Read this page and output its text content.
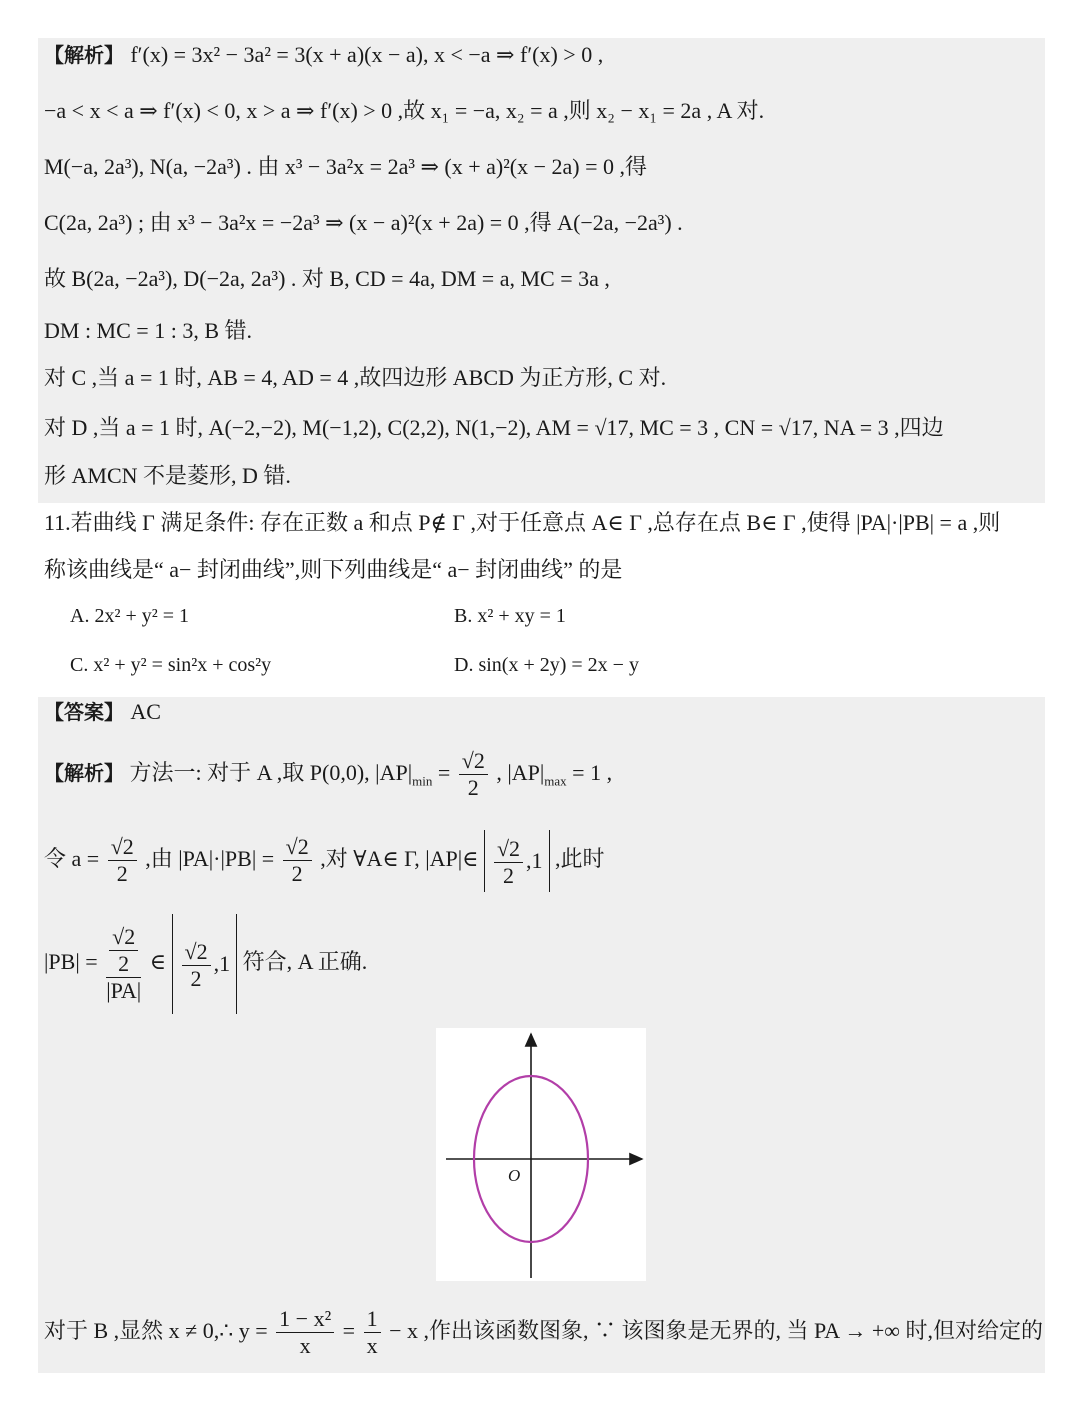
【解析】 f′(x) = 3x² − 3a² = 3(x + a)(x − a), x < −a ⇒ f′(x) > 0 ,
−a < x < a ⇒ f′(x) < 0, x > a ⇒ f′(x) > 0 ,故 x₁ = −a, x₂ = a ,则 x₂ − x₁ = 2a , A 对.
M(−a, 2a³), N(a, −2a³) . 由 x³ − 3a²x = 2a³ ⇒ (x + a)²(x − 2a) = 0 ,得
C(2a, 2a³) ; 由 x³ − 3a²x = −2a³ ⇒ (x − a)²(x + 2a) = 0 ,得 A(−2a, −2a³) .
故 B(2a, −2a³), D(−2a, 2a³) . 对 B, CD = 4a, DM = a, MC = 3a ,
DM : MC = 1 : 3, B 错.
对 C ,当 a = 1 时, AB = 4, AD = 4 ,故四边形 ABCD 为正方形, C 对.
对 D ,当 a = 1 时, A(−2,−2), M(−1,2), C(2,2), N(1,−2), AM = √17, MC = 3 , CN = √17, NA = 3 ,四边
形 AMCN 不是菱形, D 错.
11.若曲线 Γ 满足条件: 存在正数 a 和点 P∉ Γ ,对于任意点 A∈ Γ ,总存在点 B∈ Γ ,使得 |PA|·|PB| = a ,则
称该曲线是“ a− 封闭曲线”,则下列曲线是“ a− 封闭曲线” 的是
A. 2x² + y² = 1	B. x² + xy = 1
C. x² + y² = sin²x + cos²y	D. sin(x + 2y) = 2x − y
【答案】 AC
【解析】 方法一: 对于 A ,取 P(0,0), $|AP|_{min} = \frac{√2}{2}$ , $|AP|_{max} = 1$ ,
令 $a = \frac{√2}{2}$ ,由 $|PA|\cdot|PB| = \frac{√2}{2}$ ,对 ∀A∈ Γ, |AP|∈ $\frac{√2}{2} ,1$ ,此时
$|PB| = \frac{\frac{√2}{2}}{|PA|}$ ∈ $\frac{√2}{2} ,1$ 符合, A 正确.
O
对于 B ,显然 x ≠ 0,∴ $y = \frac{\text{1 − x²}}{x} = \frac{1}{x} - x$ ,作出该函数图象, ∵ 该图象是无界的, 当 PA → +∞ 时,但对给定的
